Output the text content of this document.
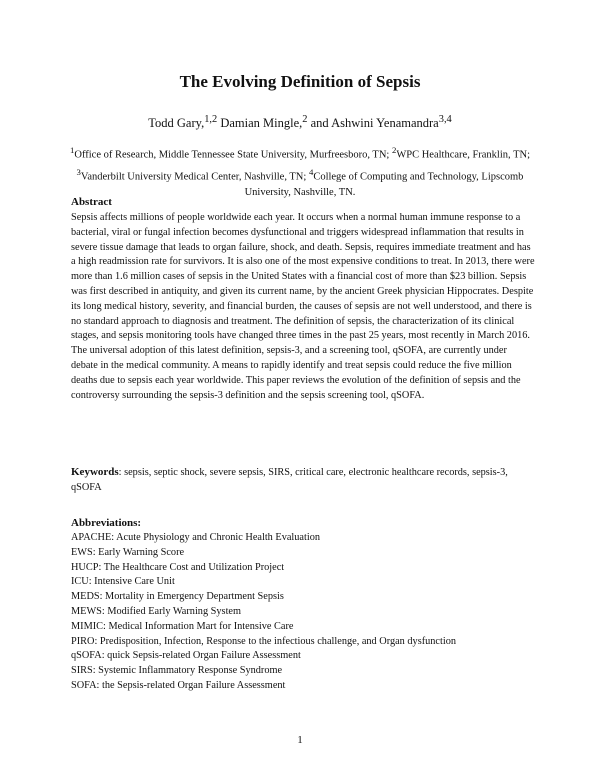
The Evolving Definition of Sepsis
Todd Gary,$^{1,2}$ Damian Mingle,$^2$ and Ashwini Yenamandra$^{3,4}$
$^1$Office of Research, Middle Tennessee State University, Murfreesboro, TN; $^2$WPC Healthcare, Franklin, TN; $^3$Vanderbilt University Medical Center, Nashville, TN; $^4$College of Computing and Technology, Lipscomb University, Nashville, TN.
Abstract

Sepsis affects millions of people worldwide each year. It occurs when a normal human immune response to a bacterial, viral or fungal infection becomes dysfunctional and triggers widespread inflammation that results in severe tissue damage that leads to organ failure, shock, and death. Sepsis, requires immediate treatment and has a high readmission rate for survivors. It is also one of the most expensive conditions to treat. In 2013, there were more than 1.6 million cases of sepsis in the United States with a financial cost of more than $23 billion. Sepsis was first described in antiquity, and given its current name, by the ancient Greek physician Hippocrates. Despite its long medical history, severity, and financial burden, the causes of sepsis are not well understood, and there is no standard approach to diagnosis and treatment. The definition of sepsis, the characterization of its clinical stages, and sepsis monitoring tools have changed three times in the past 25 years, most recently in March 2016. The universal adoption of this latest definition, sepsis-3, and a screening tool, qSOFA, are currently under debate in the medical community. A means to rapidly identify and treat sepsis could reduce the five million deaths due to sepsis each year worldwide. This paper reviews the evolution of the definition of sepsis and the controversy surrounding the sepsis-3 definition and the sepsis screening tool, qSOFA.

Keywords: sepsis, septic shock, severe sepsis, SIRS, critical care, electronic healthcare records, sepsis-3, qSOFA

Abbreviations:
APACHE: Acute Physiology and Chronic Health Evaluation
EWS: Early Warning Score
HUCP: The Healthcare Cost and Utilization Project
ICU: Intensive Care Unit
MEDS: Mortality in Emergency Department Sepsis
MEWS: Modified Early Warning System
MIMIC: Medical Information Mart for Intensive Care
PIRO: Predisposition, Infection, Response to the infectious challenge, and Organ dysfunction
qSOFA: quick Sepsis-related Organ Failure Assessment
SIRS: Systemic Inflammatory Response Syndrome
SOFA: the Sepsis-related Organ Failure Assessment
1
